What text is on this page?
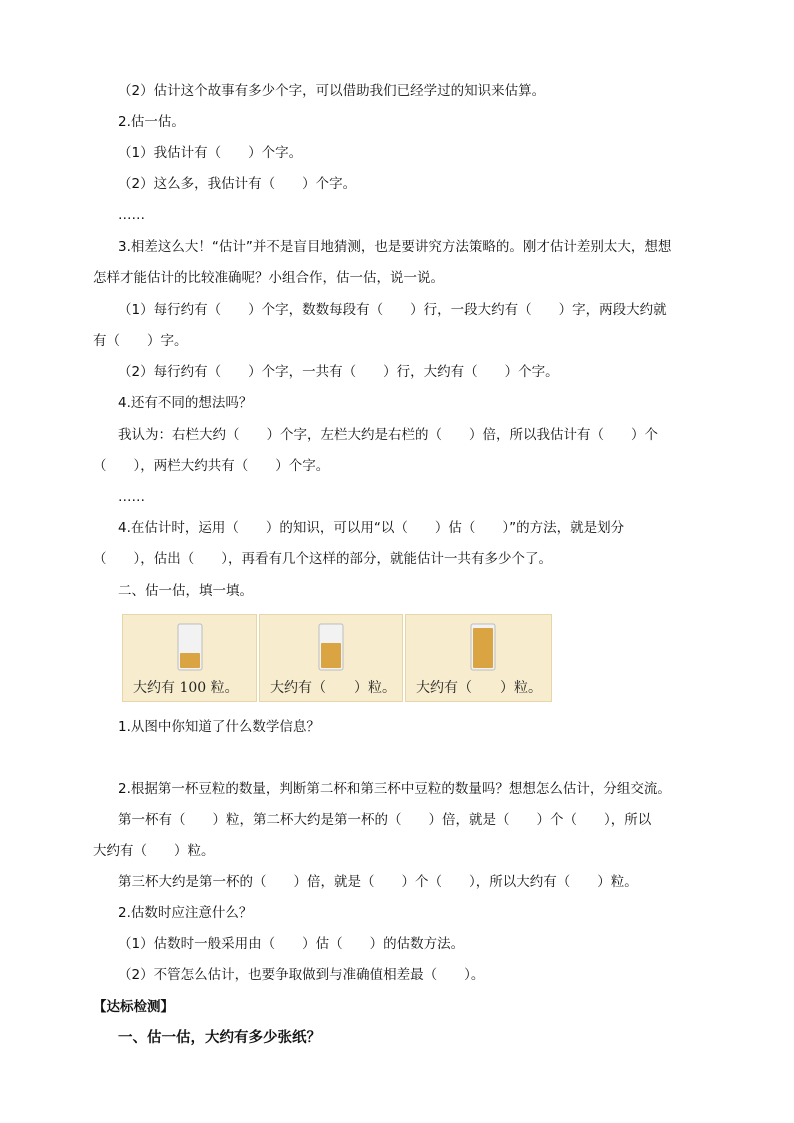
（2）估计这个故事有多少个字，可以借助我们已经学过的知识来估算。
2.估一估。
（1）我估计有（　　）个字。
（2）这么多，我估计有（　　）个字。
……
3.相差这么大！“估计”并不是盲目地猜测，也是要讲究方法策略的。刚才估计差别太大，想想
怎样才能估计的比较准确呢？小组合作，估一估，说一说。
（1）每行约有（　　）个字，数数每段有（　　）行，一段大约有（　　）字，两段大约就
有（　　）字。
（2）每行约有（　　）个字，一共有（　　）行，大约有（　　）个字。
4.还有不同的想法吗？
我认为：右栏大约（　　）个字，左栏大约是右栏的（　　）倍，所以我估计有（　　）个
（　　），两栏大约共有（　　）个字。
……
4.在估计时，运用（　　）的知识，可以用“以（　　）估（　　）”的方法，就是划分
（　　），估出（　　），再看有几个这样的部分，就能估计一共有多少个了。
二、估一估，填一填。
大约有 100 粒。 大约有（　　）粒。 大约有（　　）粒。
1.从图中你知道了什么数学信息？
2.根据第一杯豆粒的数量，判断第二杯和第三杯中豆粒的数量吗？想想怎么估计，分组交流。
第一杯有（　　）粒，第二杯大约是第一杯的（　　）倍，就是（　　）个（　　），所以
大约有（　　）粒。
第三杯大约是第一杯的（　　）倍，就是（　　）个（　　），所以大约有（　　）粒。
2.估数时应注意什么？
（1）估数时一般采用由（　　）估（　　）的估数方法。
（2）不管怎么估计，也要争取做到与准确值相差最（　　）。
【达标检测】
一、估一估，大约有多少张纸？
